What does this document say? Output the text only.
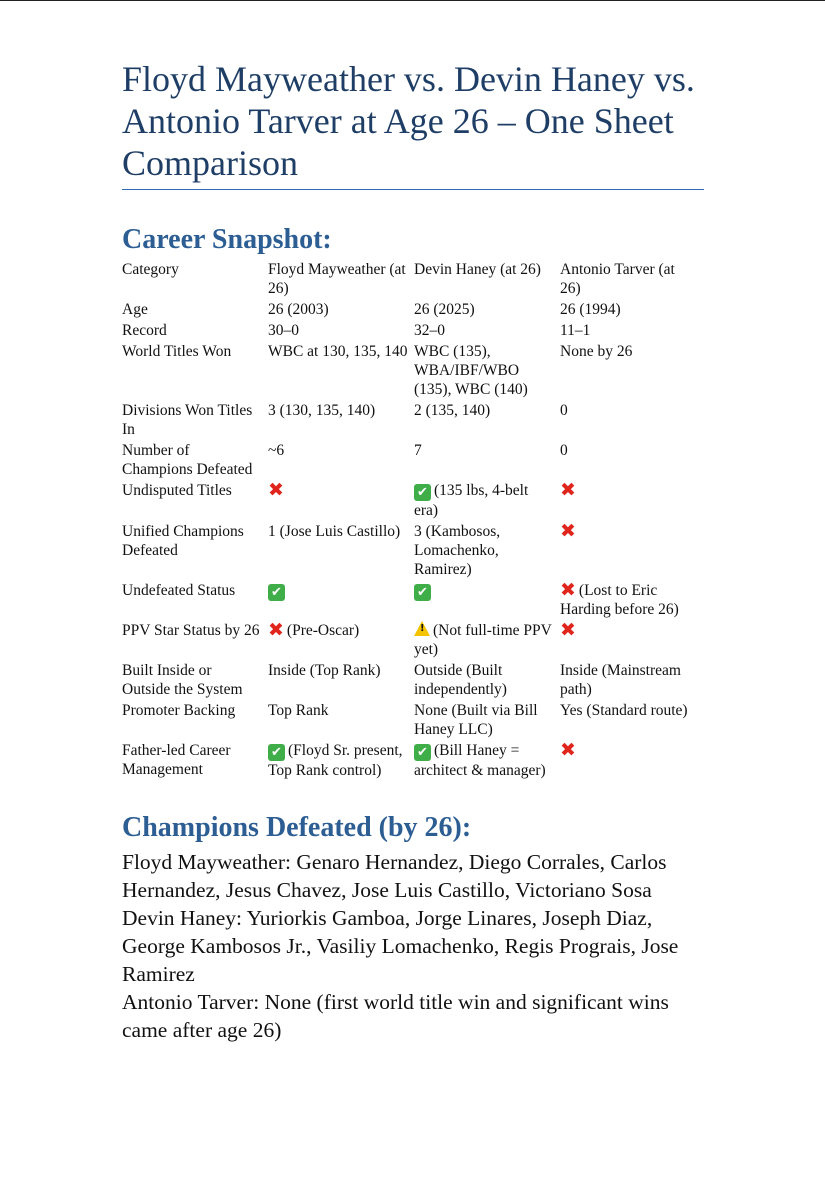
Floyd Mayweather vs. Devin Haney vs. Antonio Tarver at Age 26 – One Sheet Comparison
Career Snapshot:
Category	Floyd Mayweather (at 26)	Devin Haney (at 26)	Antonio Tarver (at 26)
Age	26 (2003)	26 (2025)	26 (1994)
Record	30–0	32–0	11–1
World Titles Won	WBC at 130, 135, 140	WBC (135), WBA/IBF/WBO (135), WBC (140)	None by 26
Divisions Won Titles In	3 (130, 135, 140)	2 (135, 140)	0
Number of Champions Defeated	~6	7	0
Undisputed Titles	✖	✔ (135 lbs, 4-belt era)	✖
Unified Champions Defeated	1 (Jose Luis Castillo)	3 (Kambosos, Lomachenko, Ramirez)	✖
Undefeated Status	✔	✔	✖ (Lost to Eric Harding before 26)
PPV Star Status by 26	✖ (Pre-Oscar)	! (Not full-time PPV yet)	✖
Built Inside or Outside the System	Inside (Top Rank)	Outside (Built independently)	Inside (Mainstream path)
Promoter Backing	Top Rank	None (Built via Bill Haney LLC)	Yes (Standard route)
Father-led Career Management	✔ (Floyd Sr. present, Top Rank control)	✔ (Bill Haney = architect & manager)	✖
Champions Defeated (by 26):

Floyd Mayweather: Genaro Hernandez, Diego Corrales, Carlos Hernandez, Jesus Chavez, Jose Luis Castillo, Victoriano Sosa

Devin Haney: Yuriorkis Gamboa, Jorge Linares, Joseph Diaz, George Kambosos Jr., Vasiliy Lomachenko, Regis Prograis, Jose Ramirez

Antonio Tarver: None (first world title win and significant wins came after age 26)
